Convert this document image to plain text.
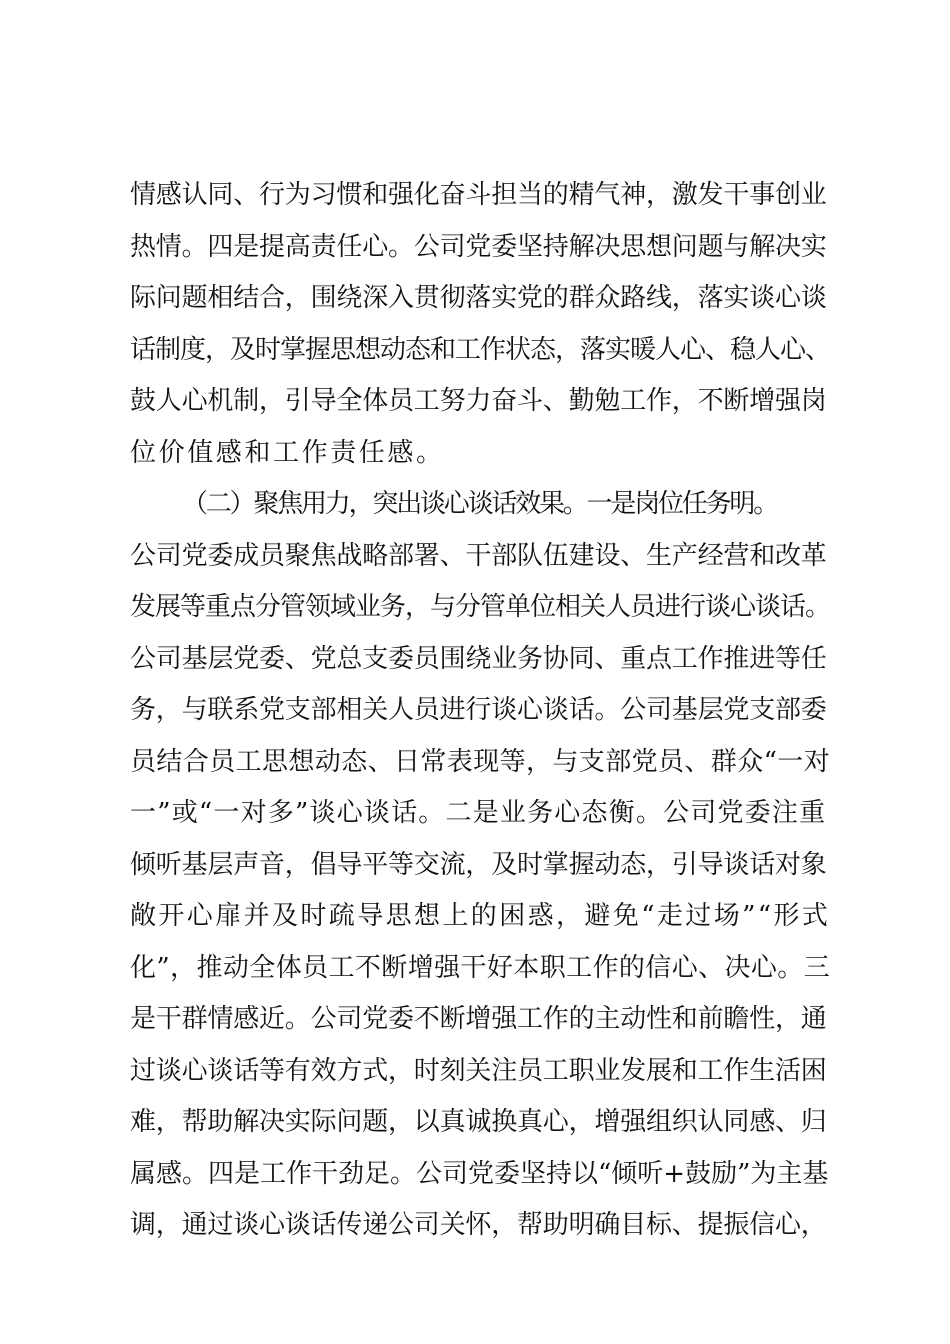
情感认同、行为习惯和强化奋斗担当的精气神，激发干事创业
热情。四是提高责任心。公司党委坚持解决思想问题与解决实
际问题相结合，围绕深入贯彻落实党的群众路线，落实谈心谈
话制度，及时掌握思想动态和工作状态，落实暖人心、稳人心、
鼓人心机制，引导全体员工努力奋斗、勤勉工作，不断增强岗
位价值感和工作责任感。
（二）聚焦用力，突出谈心谈话效果。一是岗位任务明。
公司党委成员聚焦战略部署、干部队伍建设、生产经营和改革
发展等重点分管领域业务，与分管单位相关人员进行谈心谈话。
公司基层党委、党总支委员围绕业务协同、重点工作推进等任
务，与联系党支部相关人员进行谈心谈话。公司基层党支部委
员结合员工思想动态、日常表现等，与支部党员、群众“一对
一”或“一对多”谈心谈话。二是业务心态衡。公司党委注重
倾听基层声音，倡导平等交流，及时掌握动态，引导谈话对象
敞开心扉并及时疏导思想上的困惑，避免“走过场”“形式
化”，推动全体员工不断增强干好本职工作的信心、决心。三
是干群情感近。公司党委不断增强工作的主动性和前瞻性，通
过谈心谈话等有效方式，时刻关注员工职业发展和工作生活困
难，帮助解决实际问题，以真诚换真心，增强组织认同感、归
属感。四是工作干劲足。公司党委坚持以“倾听+鼓励”为主基
调，通过谈心谈话传递公司关怀，帮助明确目标、提振信心，
